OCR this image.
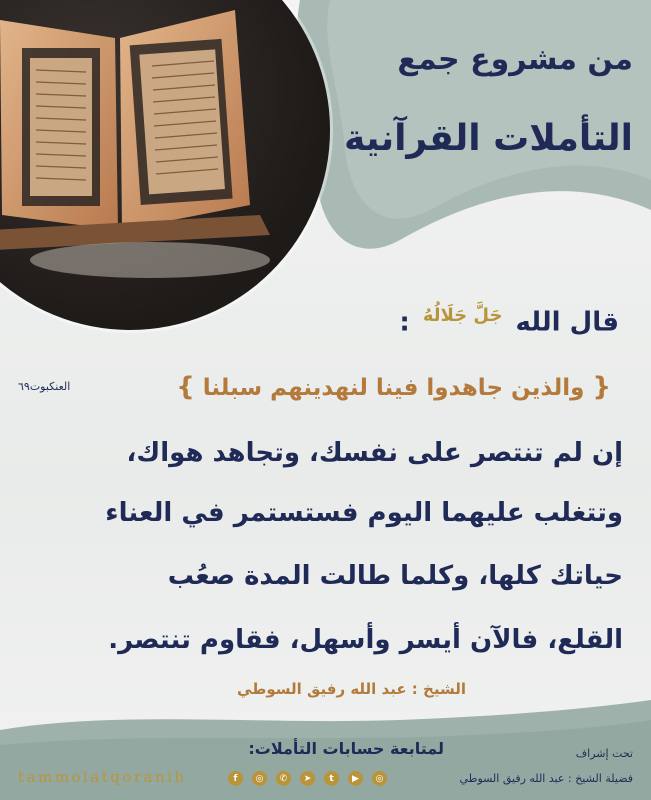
من مشروع جمع
التأملات القرآنية
قال الله $^{جَلَّ جَلَالُهُ}$ :
{ والذين جاهدوا فينا لنهدينهم سبلنا }
العنكبوت٦٩
إن لم تنتصر على نفسك، وتجاهد هواك،
وتتغلب عليهما اليوم فستستمر في العناء
حياتك كلها، وكلما طالت المدة صعُب
القلع، فالآن أيسر وأسهل، فقاوم تنتصر.
الشيخ : عبد الله رفيق السوطي
لمتابعة حسابات التأملات:	تحت إشراف
فضيلة الشيخ : عبد الله رفيق السوطي
tammolatqoranih	f	◎	✆	➤	t	▶	◎
